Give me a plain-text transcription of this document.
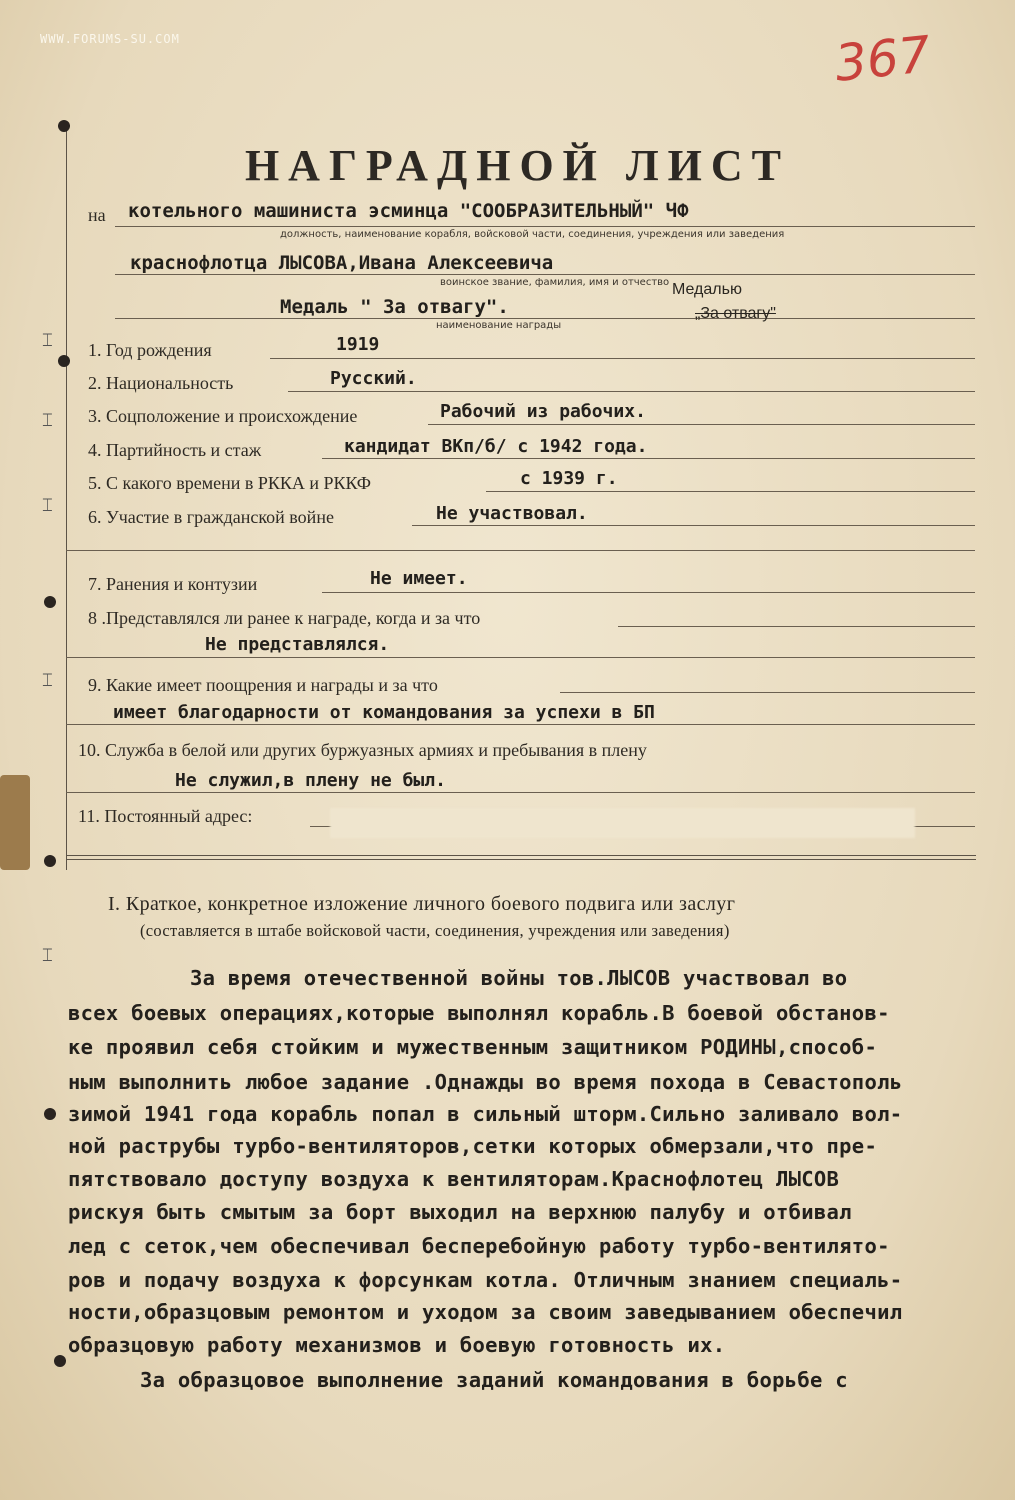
WWW.FORUMS-SU.COM	367
НАГРАДНОЙ ЛИСТ
⌶
⌶
⌶
⌶
⌶
на котельного машиниста эсминца "СООБРАЗИТЕЛЬНЫЙ" ЧФ
должность, наименование корабля, войсковой части, соединения, учреждения или заведения
краснофлотца ЛЫСОВА,Ивана Алексеевича
воинское звание, фамилия, имя и отчество
Медаль " За отвагу".
наименование награды
Медалью
„За отвагу"
1. Год рождения	1919
2. Национальность	Русский.
3. Соцположение и происхождение	Рабочий из рабочих.
4. Партийность и стаж	кандидат ВКп/б/ с 1942 года.
5. С какого времени в РККА и РККФ	с 1939 г.
6. Участие в гражданской войне	Не участвовал.
7. Ранения и контузии	Не имеет.
8 .Представлялся ли ранее к награде, когда и за что
Не представлялся.
9. Какие имеет поощрения и награды и за что
имеет благодарности от командования за успехи в БП
10. Служба в белой или других буржуазных армиях и пребывания в плену
Не служил,в плену не был.
11. Постоянный адрес:
I. Краткое, конкретное изложение личного боевого подвига или заслуг
(составляется в штабе войсковой части, соединения, учреждения или заведения)
За время отечественной войны тов.ЛЫСОВ участвовал во
всех боевых операциях,которые выполнял корабль.В боевой обстанов-
ке проявил себя стойким и мужественным защитником РОДИНЫ,способ-
ным выполнить любое задание .Однажды во время похода в Севастополь
зимой 1941 года корабль попал в сильный шторм.Сильно заливало вол-
ной раструбы турбо-вентиляторов,сетки которых обмерзали,что пре-
пятствовало доступу воздуха к вентиляторам.Краснофлотец ЛЫСОВ
рискуя быть смытым за борт выходил на верхнюю палубу и отбивал
лед с сеток,чем обеспечивал бесперебойную работу турбо-вентилято-
ров и подачу воздуха к форсункам котла. Отличным знанием специаль-
ности,образцовым ремонтом и уходом за своим заведыванием обеспечил
образцовую работу механизмов и боевую готовность их.
За образцовое выполнение заданий командования в борьбе с
